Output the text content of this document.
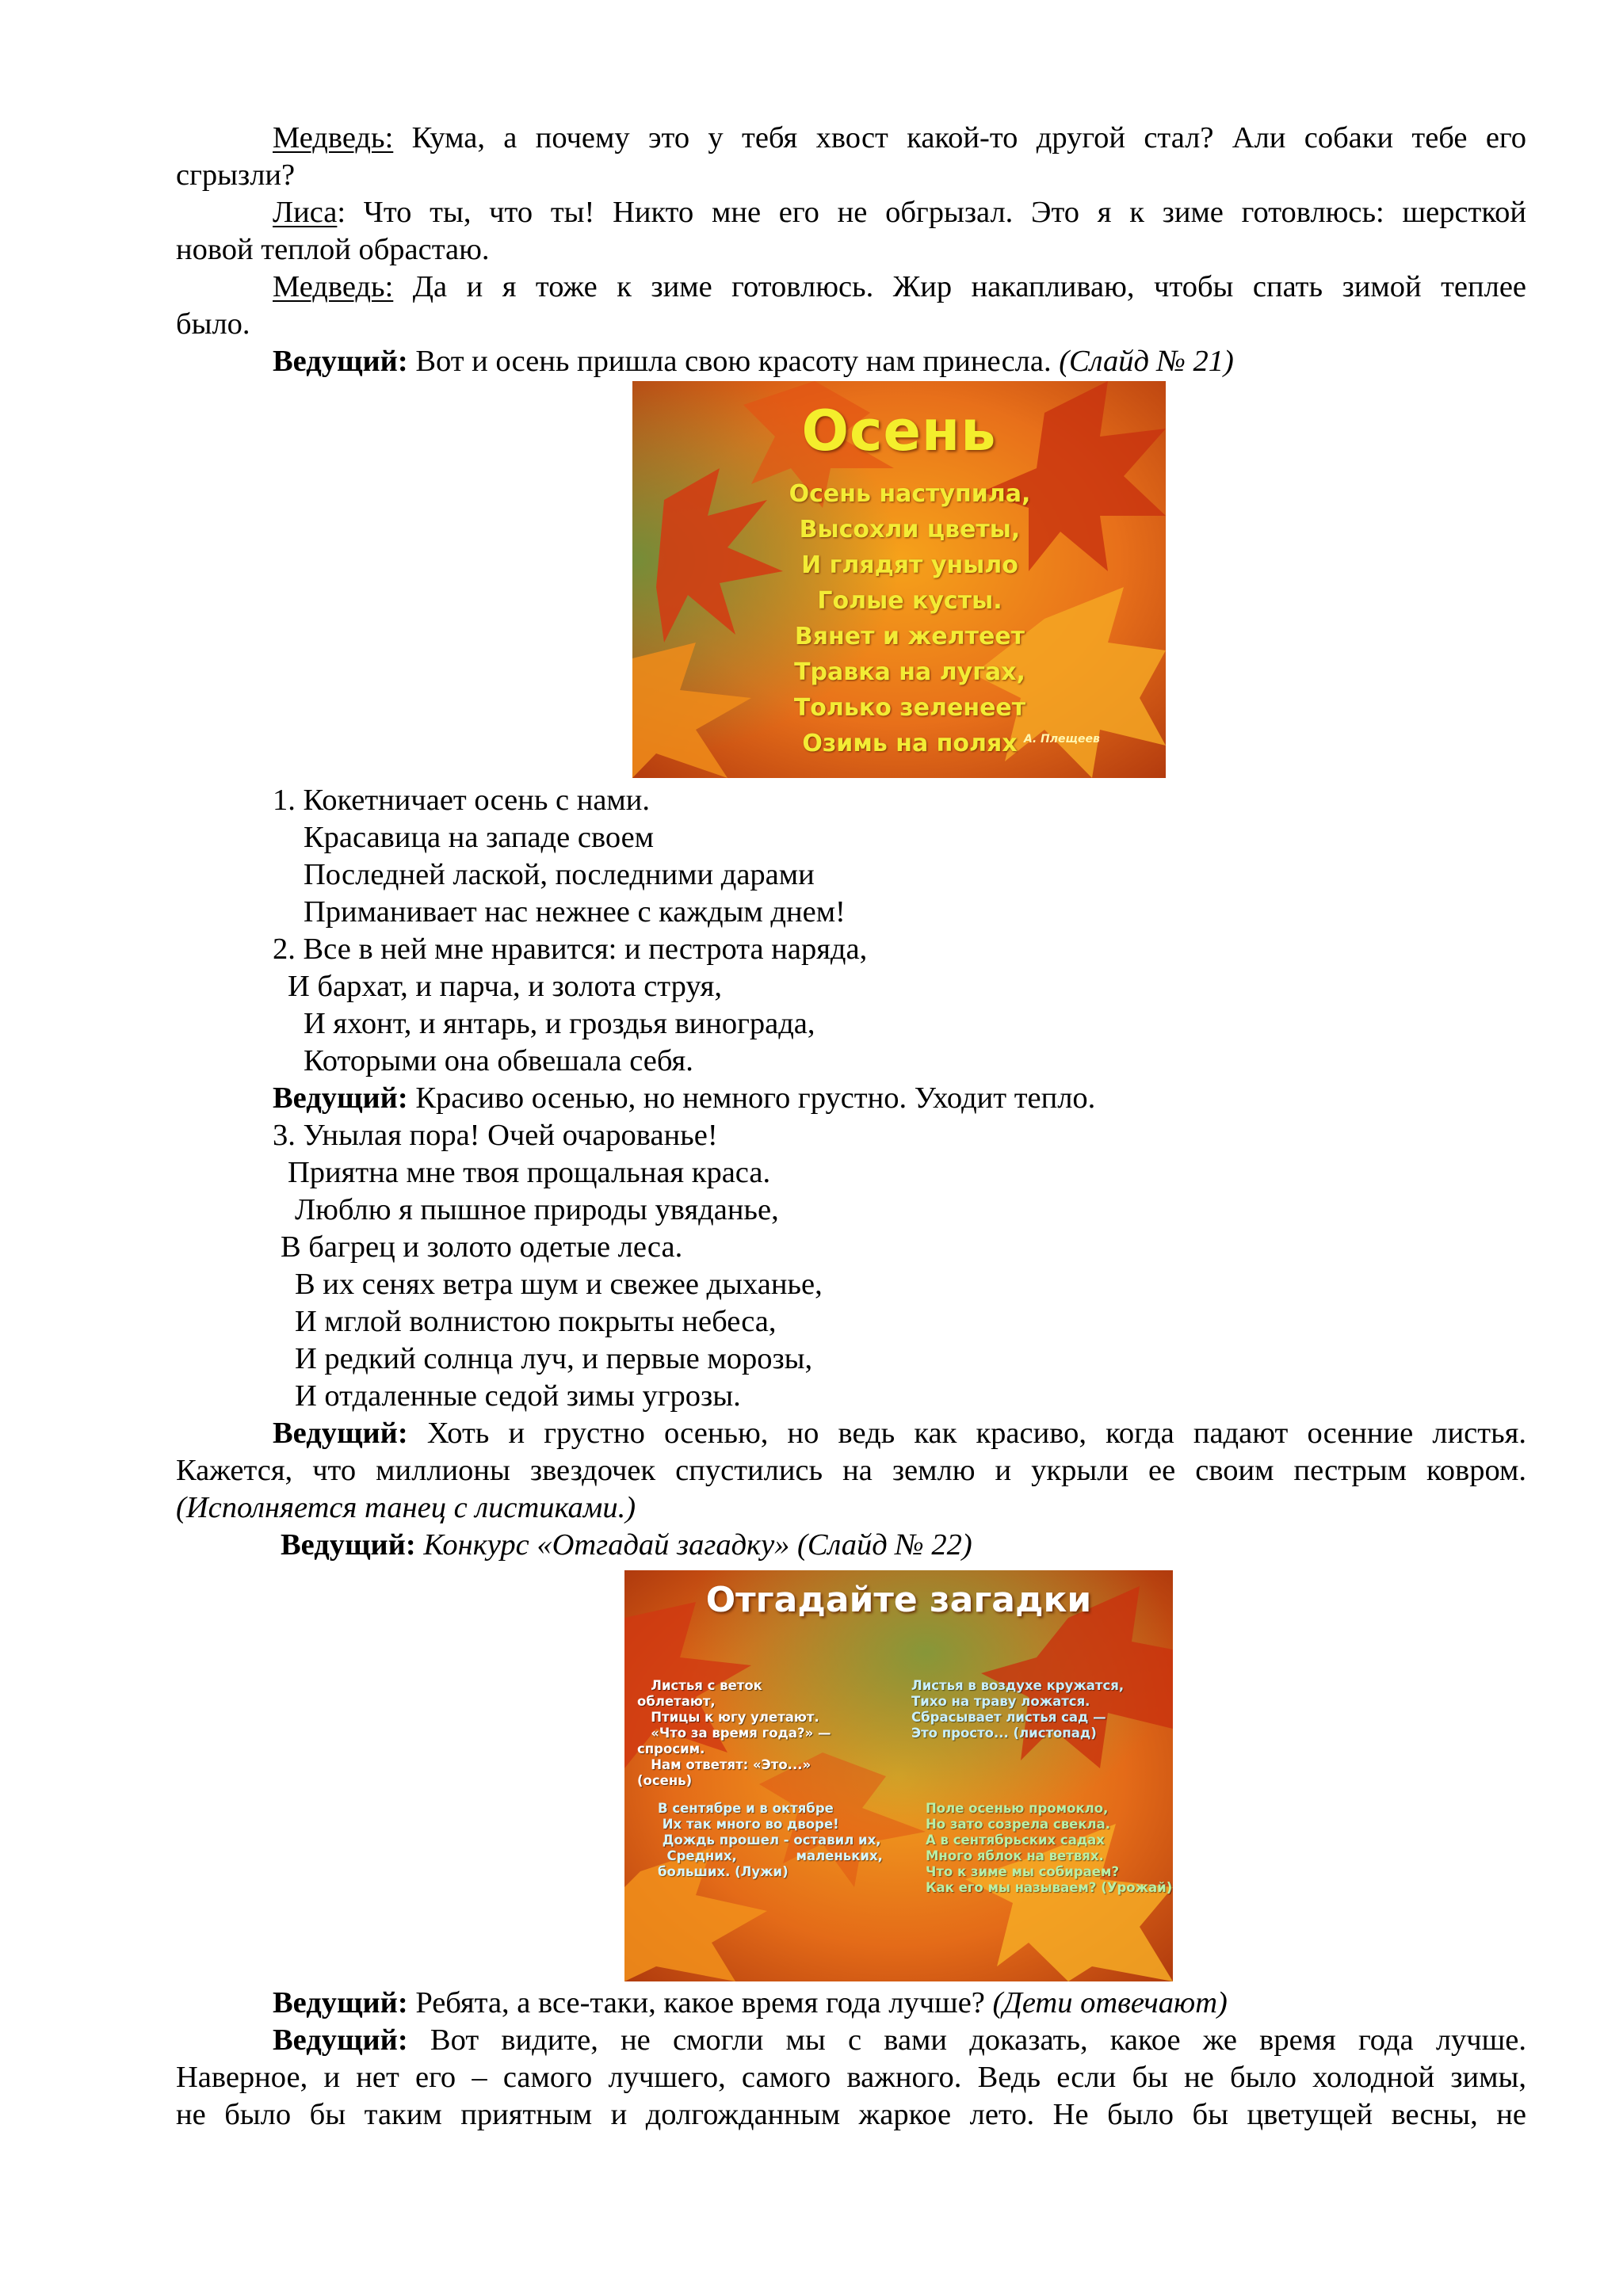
Медведь: Кума, а почему это у тебя хвост какой-то другой стал? Али собаки тебе его
сгрызли?
Лиса: Что ты, что ты! Никто мне его не обгрызал. Это я к зиме готовлюсь: шерсткой
новой теплой обрастаю.
Медведь: Да и я тоже к зиме готовлюсь. Жир накапливаю, чтобы спать зимой теплее
было.
Ведущий: Вот и осень пришла свою красоту нам принесла. (Слайд № 21)
1. Кокетничает осень с нами.
Красавица на западе своем
Последней лаской, последними дарами
Приманивает нас нежнее с каждым днем!
2. Все в ней мне нравится: и пестрота наряда,
И бархат, и парча, и золота струя,
И яхонт, и янтарь, и гроздья винограда,
Которыми она обвешала себя.
Ведущий: Красиво осенью, но немного грустно. Уходит тепло.
3. Унылая пора! Очей очарованье!
Приятна мне твоя прощальная краса.
Люблю я пышное природы увяданье,
В багрец и золото одетые леса.
В их сенях ветра шум и свежее дыханье,
И мглой волнистою покрыты небеса,
И редкий солнца луч, и первые морозы,
И отдаленные седой зимы угрозы.
Ведущий: Хоть и грустно осенью, но ведь как красиво, когда падают осенние листья.
Кажется, что миллионы звездочек спустились на землю и укрыли ее своим пестрым ковром.
(Исполняется танец с листиками.)
Ведущий: Конкурс «Отгадай загадку» (Слайд № 22)
Ведущий: Ребята, а все-таки, какое время года лучше? (Дети отвечают)
Ведущий: Вот видите, не смогли мы с вами доказать, какое же время года лучше.
Наверное, и нет его – самого лучшего, самого важного. Ведь если бы не было холодной зимы,
не было бы таким приятным и долгожданным жаркое лето. Не было бы цветущей весны, не
Осень
Осень наступила,
Высохли цветы,
И глядят уныло
Голые кусты.
Вянет и желтеет
Травка на лугах,
Только зеленеет
Озимь на полях А. Плещеев
Отгадайте загадки
Листья с веток
облетают,
Птицы к югу улетают.
«Что за время года?» —
спросим.
Нам ответят: «Это...»
(осень)
Листья в воздухе кружатся,
Тихо на траву ложатся.
Сбрасывает листья сад —
Это просто... (листопад)
В сентябре и в октябре
Их так много во дворе!
Дождь прошел - оставил их,
Средних,             маленьких,
больших. (Лужи)
Поле осенью промокло,
Но зато созрела свекла.
А в сентябрьских садах
Много яблок на ветвях.
Что к зиме мы собираем?
Как его мы называем? (Урожай)
